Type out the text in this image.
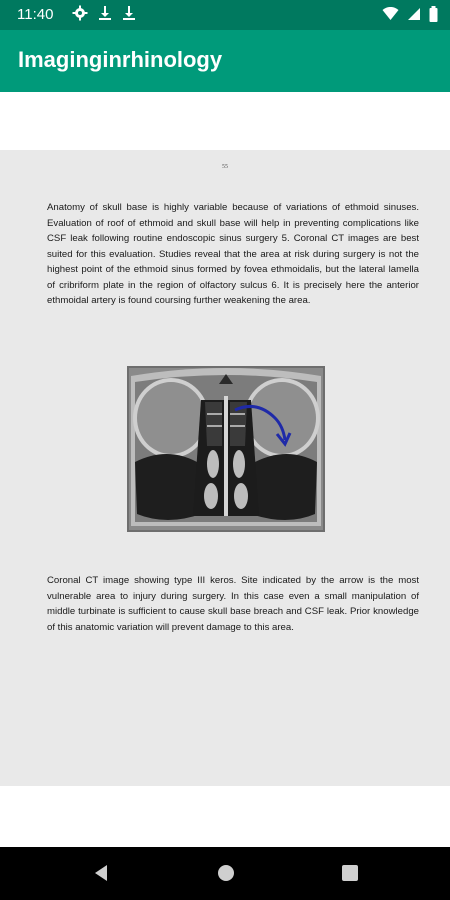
11:40
Imaginginrhinology
55

Anatomy of skull base is highly variable because of variations of ethmoid sinuses. Evaluation of roof of ethmoid and skull base will help in preventing complications like CSF leak following routine endoscopic sinus surgery 5. Coronal CT images are best suited for this evaluation. Studies reveal that the area at risk during surgery is not the highest point of the ethmoid sinus formed by fovea ethmoidalis, but the lateral lamella of cribriform plate in the region of olfactory sulcus 6. It is precisely here the anterior ethmoidal artery is found coursing further weakening the area.

Coronal CT image showing type III keros. Site indicated by the arrow is the most vulnerable area to injury during surgery. In this case even a small manipulation of middle turbinate is sufficient to cause skull base breach and CSF leak. Prior knowledge of this anatomic variation will prevent damage to this area.
